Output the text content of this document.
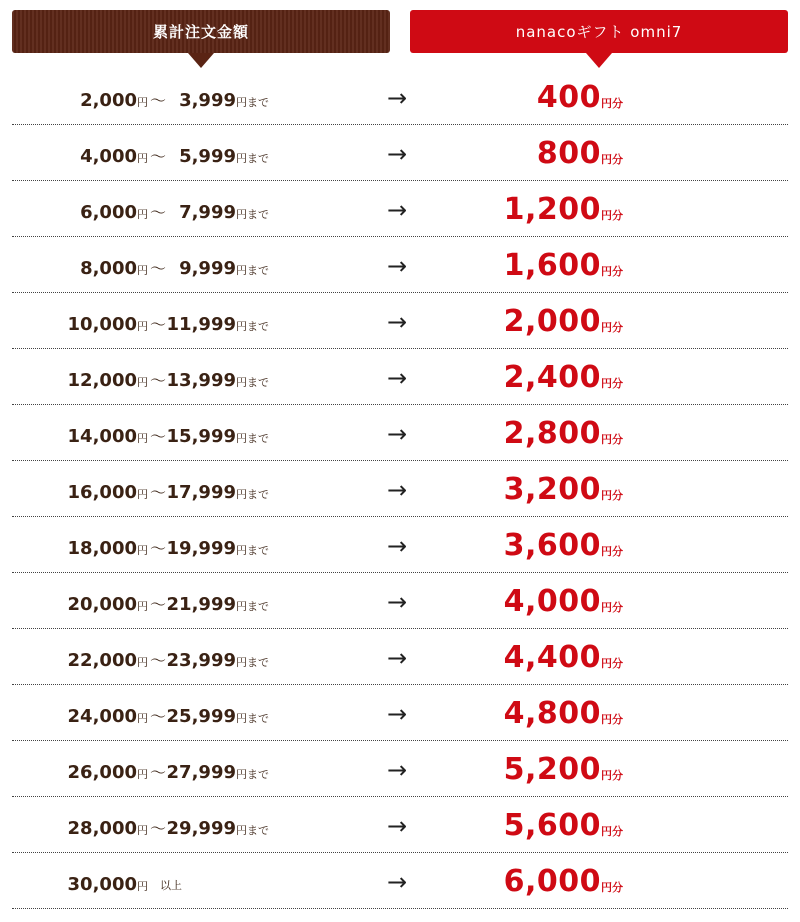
累計注文金額	nanacoギフト omni7
2,000円 ～ 3,999円まで	→	400円分
4,000円 ～ 5,999円まで	→	800円分
6,000円 ～ 7,999円まで	→	1,200円分
8,000円 ～ 9,999円まで	→	1,600円分
10,000円 ～ 11,999円まで	→	2,000円分
12,000円 ～ 13,999円まで	→	2,400円分
14,000円 ～ 15,999円まで	→	2,800円分
16,000円 ～ 17,999円まで	→	3,200円分
18,000円 ～ 19,999円まで	→	3,600円分
20,000円 ～ 21,999円まで	→	4,000円分
22,000円 ～ 23,999円まで	→	4,400円分
24,000円 ～ 25,999円まで	→	4,800円分
26,000円 ～ 27,999円まで	→	5,200円分
28,000円 ～ 29,999円まで	→	5,600円分
30,000円 以上	→	6,000円分
